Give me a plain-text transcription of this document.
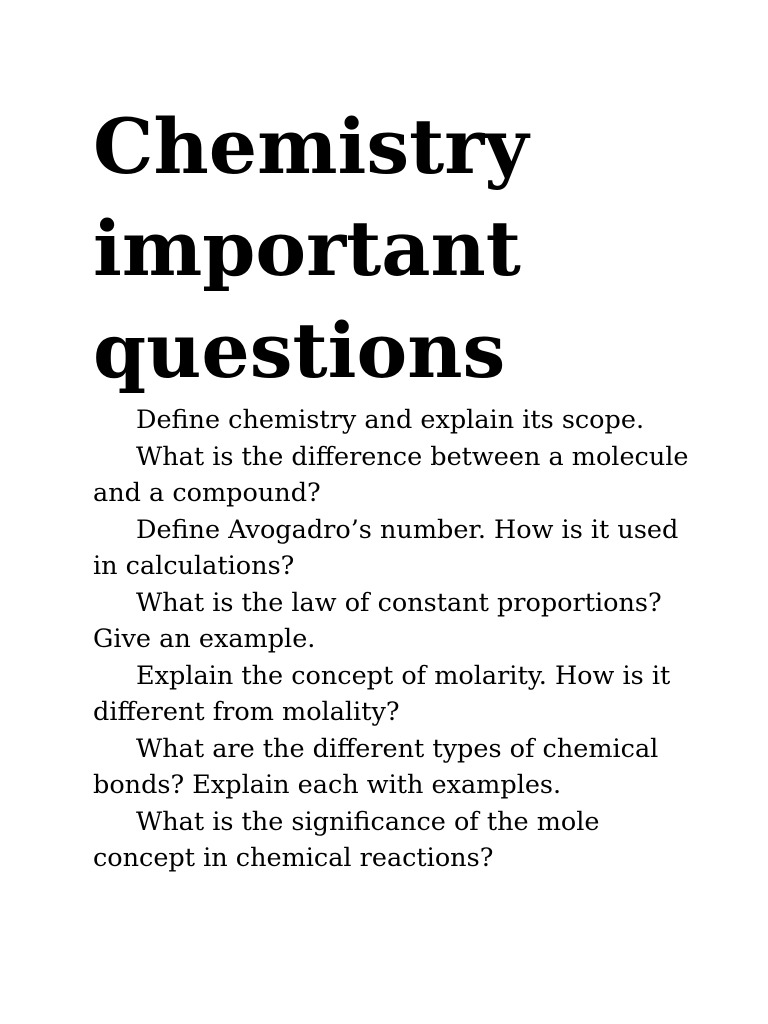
Chemistry
important
questions

Define chemistry and explain its scope.

What is the difference between a molecule and a compound?

Define Avogadro’s number. How is it used in calculations?

What is the law of constant proportions? Give an example.

Explain the concept of molarity. How is it different from molality?

What are the different types of chemical bonds? Explain each with examples.

What is the significance of the mole concept in chemical reactions?
